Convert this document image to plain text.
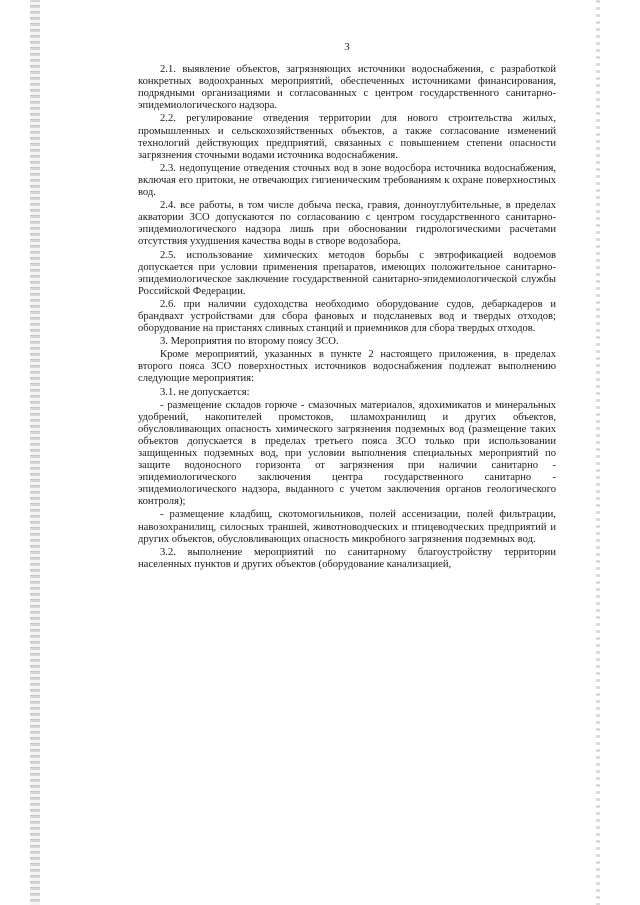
3

2.1. выявление объектов, загрязняющих источники водоснабжения, с разработкой конкретных водоохранных мероприятий, обеспеченных источниками финансирования, подрядными организациями и согласованных с центром государственного санитарно-эпидемиологического надзора.

2.2. регулирование отведения территории для нового строительства жилых, промышленных и сельскохозяйственных объектов, а также согласование изменений технологий действующих предприятий, связанных с повышением степени опасности загрязнения сточными водами источника водоснабжения.

2.3. недопущение отведения сточных вод в зоне водосбора источника водоснабжения, включая его притоки, не отвечающих гигиеническим требованиям к охране поверхностных вод.

2.4. все работы, в том числе добыча песка, гравия, донноуглубительные, в пределах акватории ЗСО допускаются по согласованию с центром государственного санитарно-эпидемиологического надзора лишь при обосновании гидрологическими расчетами отсутствия ухудшения качества воды в створе водозабора.

2.5. использование химических методов борьбы с эвтрофикацией водоемов допускается при условии применения препаратов, имеющих положительное санитарно-эпидемиологическое заключение государственной санитарно-эпидемиологической службы Российской Федерации.

2.6. при наличии судоходства необходимо оборудование судов, дебаркадеров и брандвахт устройствами для сбора фановых и подсланевых вод и твердых отходов; оборудование на пристанях сливных станций и приемников для сбора твердых отходов.

3. Мероприятия по второму поясу ЗСО.

Кроме мероприятий, указанных в пункте 2 настоящего приложения, в пределах второго пояса ЗСО поверхностных источников водоснабжения подлежат выполнению следующие мероприятия:

3.1. не допускается:

- размещение складов горюче - смазочных материалов, ядохимикатов и минеральных удобрений, накопителей промстоков, шламохранилищ и других объектов, обусловливающих опасность химического загрязнения подземных вод (размещение таких объектов допускается в пределах третьего пояса ЗСО только при использовании защищенных подземных вод, при условии выполнения специальных мероприятий по защите водоносного горизонта от загрязнения при наличии санитарно - эпидемиологического заключения центра государственного санитарно - эпидемиологического надзора, выданного с учетом заключения органов геологического контроля);

- размещение кладбищ, скотомогильников, полей ассенизации, полей фильтрации, навозохранилищ, силосных траншей, животноводческих и птицеводческих предприятий и других объектов, обусловливающих опасность микробного загрязнения подземных вод.

3.2. выполнение мероприятий по санитарному благоустройству территории населенных пунктов и других объектов (оборудование канализацией,
